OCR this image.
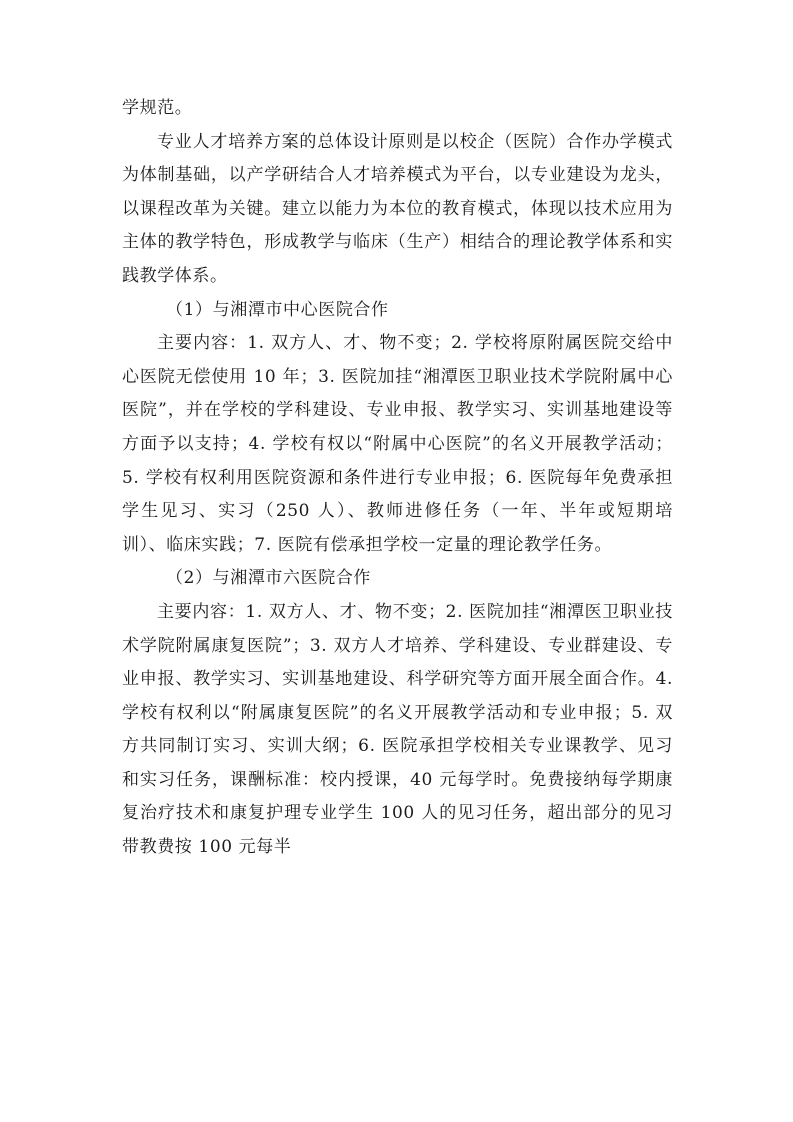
学规范。

专业人才培养方案的总体设计原则是以校企（医院）合作办学模式为体制基础，以产学研结合人才培养模式为平台，以专业建设为龙头，以课程改革为关键。建立以能力为本位的教育模式，体现以技术应用为主体的教学特色，形成教学与临床（生产）相结合的理论教学体系和实践教学体系。

（1）与湘潭市中心医院合作

主要内容：1. 双方人、才、物不变；2. 学校将原附属医院交给中心医院无偿使用 10 年；3. 医院加挂“湘潭医卫职业技术学院附属中心医院”，并在学校的学科建设、专业申报、教学实习、实训基地建设等方面予以支持；4. 学校有权以“附属中心医院”的名义开展教学活动；5. 学校有权利用医院资源和条件进行专业申报；6. 医院每年免费承担学生见习、实习（250 人）、教师进修任务（一年、半年或短期培训）、临床实践；7. 医院有偿承担学校一定量的理论教学任务。

（2）与湘潭市六医院合作

主要内容：1. 双方人、才、物不变；2. 医院加挂“湘潭医卫职业技术学院附属康复医院”；3. 双方人才培养、学科建设、专业群建设、专业申报、教学实习、实训基地建设、科学研究等方面开展全面合作。4. 学校有权利以“附属康复医院”的名义开展教学活动和专业申报；5. 双方共同制订实习、实训大纲；6. 医院承担学校相关专业课教学、见习和实习任务，课酬标准：校内授课，40 元每学时。免费接纳每学期康复治疗技术和康复护理专业学生 100 人的见习任务，超出部分的见习带教费按 100 元每半
